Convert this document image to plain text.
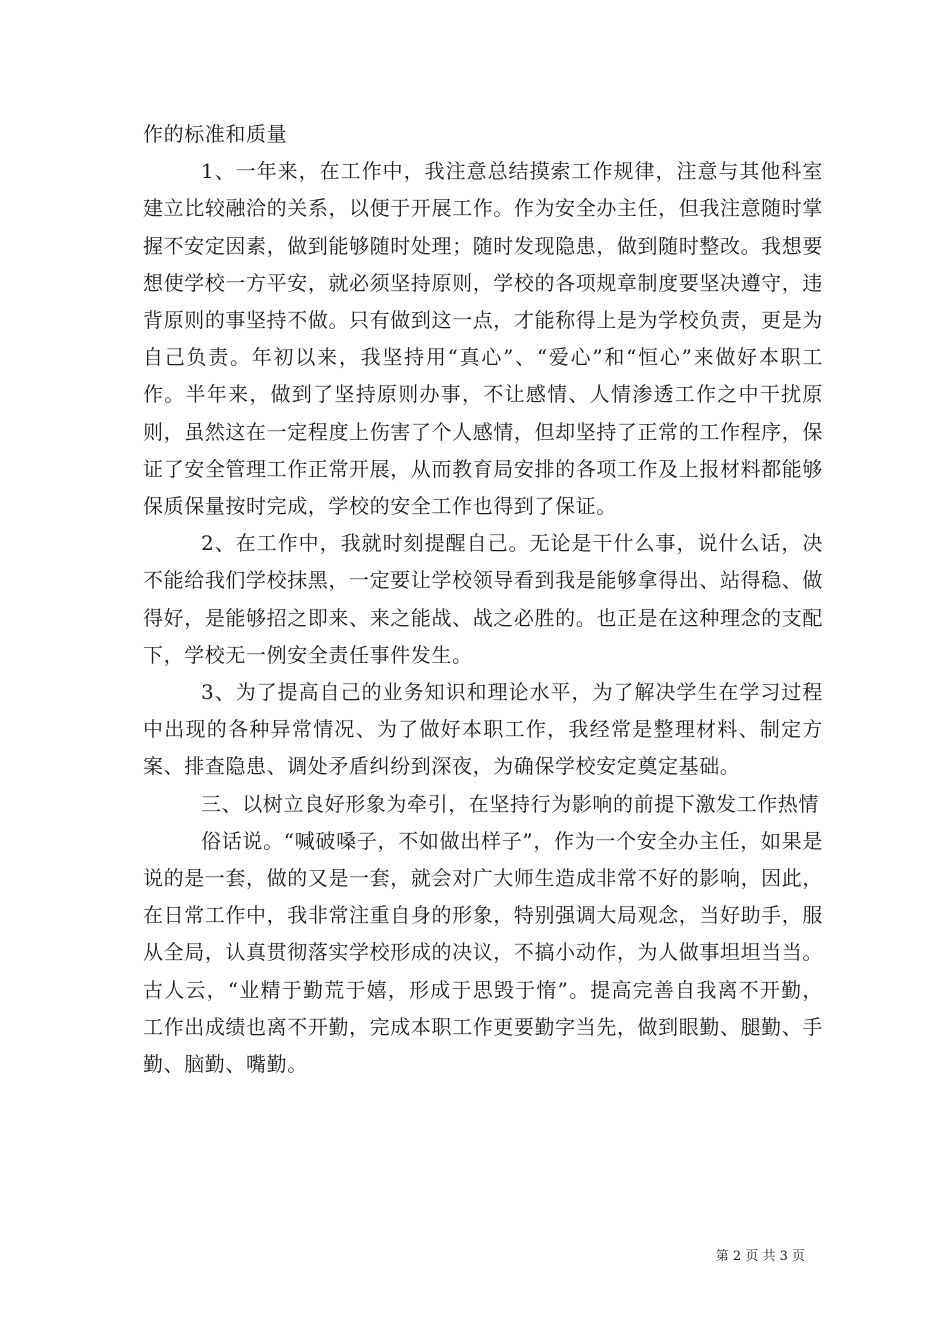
作的标准和质量

1、一年来，在工作中，我注意总结摸索工作规律，注意与其他科室建立比较融洽的关系，以便于开展工作。作为安全办主任，但我注意随时掌握不安定因素，做到能够随时处理；随时发现隐患，做到随时整改。我想要想使学校一方平安，就必须坚持原则，学校的各项规章制度要坚决遵守，违背原则的事坚持不做。只有做到这一点，才能称得上是为学校负责，更是为自己负责。年初以来，我坚持用“真心”、“爱心”和“恒心”来做好本职工作。半年来，做到了坚持原则办事，不让感情、人情渗透工作之中干扰原则，虽然这在一定程度上伤害了个人感情，但却坚持了正常的工作程序，保证了安全管理工作正常开展，从而教育局安排的各项工作及上报材料都能够保质保量按时完成，学校的安全工作也得到了保证。

2、在工作中，我就时刻提醒自己。无论是干什么事，说什么话，决不能给我们学校抹黑，一定要让学校领导看到我是能够拿得出、站得稳、做得好，是能够招之即来、来之能战、战之必胜的。也正是在这种理念的支配下，学校无一例安全责任事件发生。

3、为了提高自己的业务知识和理论水平，为了解决学生在学习过程中出现的各种异常情况、为了做好本职工作，我经常是整理材料、制定方案、排查隐患、调处矛盾纠纷到深夜，为确保学校安定奠定基础。

三、以树立良好形象为牵引，在坚持行为影响的前提下激发工作热情

俗话说。“喊破嗓子，不如做出样子”，作为一个安全办主任，如果是说的是一套，做的又是一套，就会对广大师生造成非常不好的影响，因此，在日常工作中，我非常注重自身的形象，特别强调大局观念，当好助手，服从全局，认真贯彻落实学校形成的决议，不搞小动作，为人做事坦坦当当。古人云，“业精于勤荒于嬉，形成于思毁于惰”。提高完善自我离不开勤，工作出成绩也离不开勤，完成本职工作更要勤字当先，做到眼勤、腿勤、手勤、脑勤、嘴勤。

第 2 页 共 3 页
